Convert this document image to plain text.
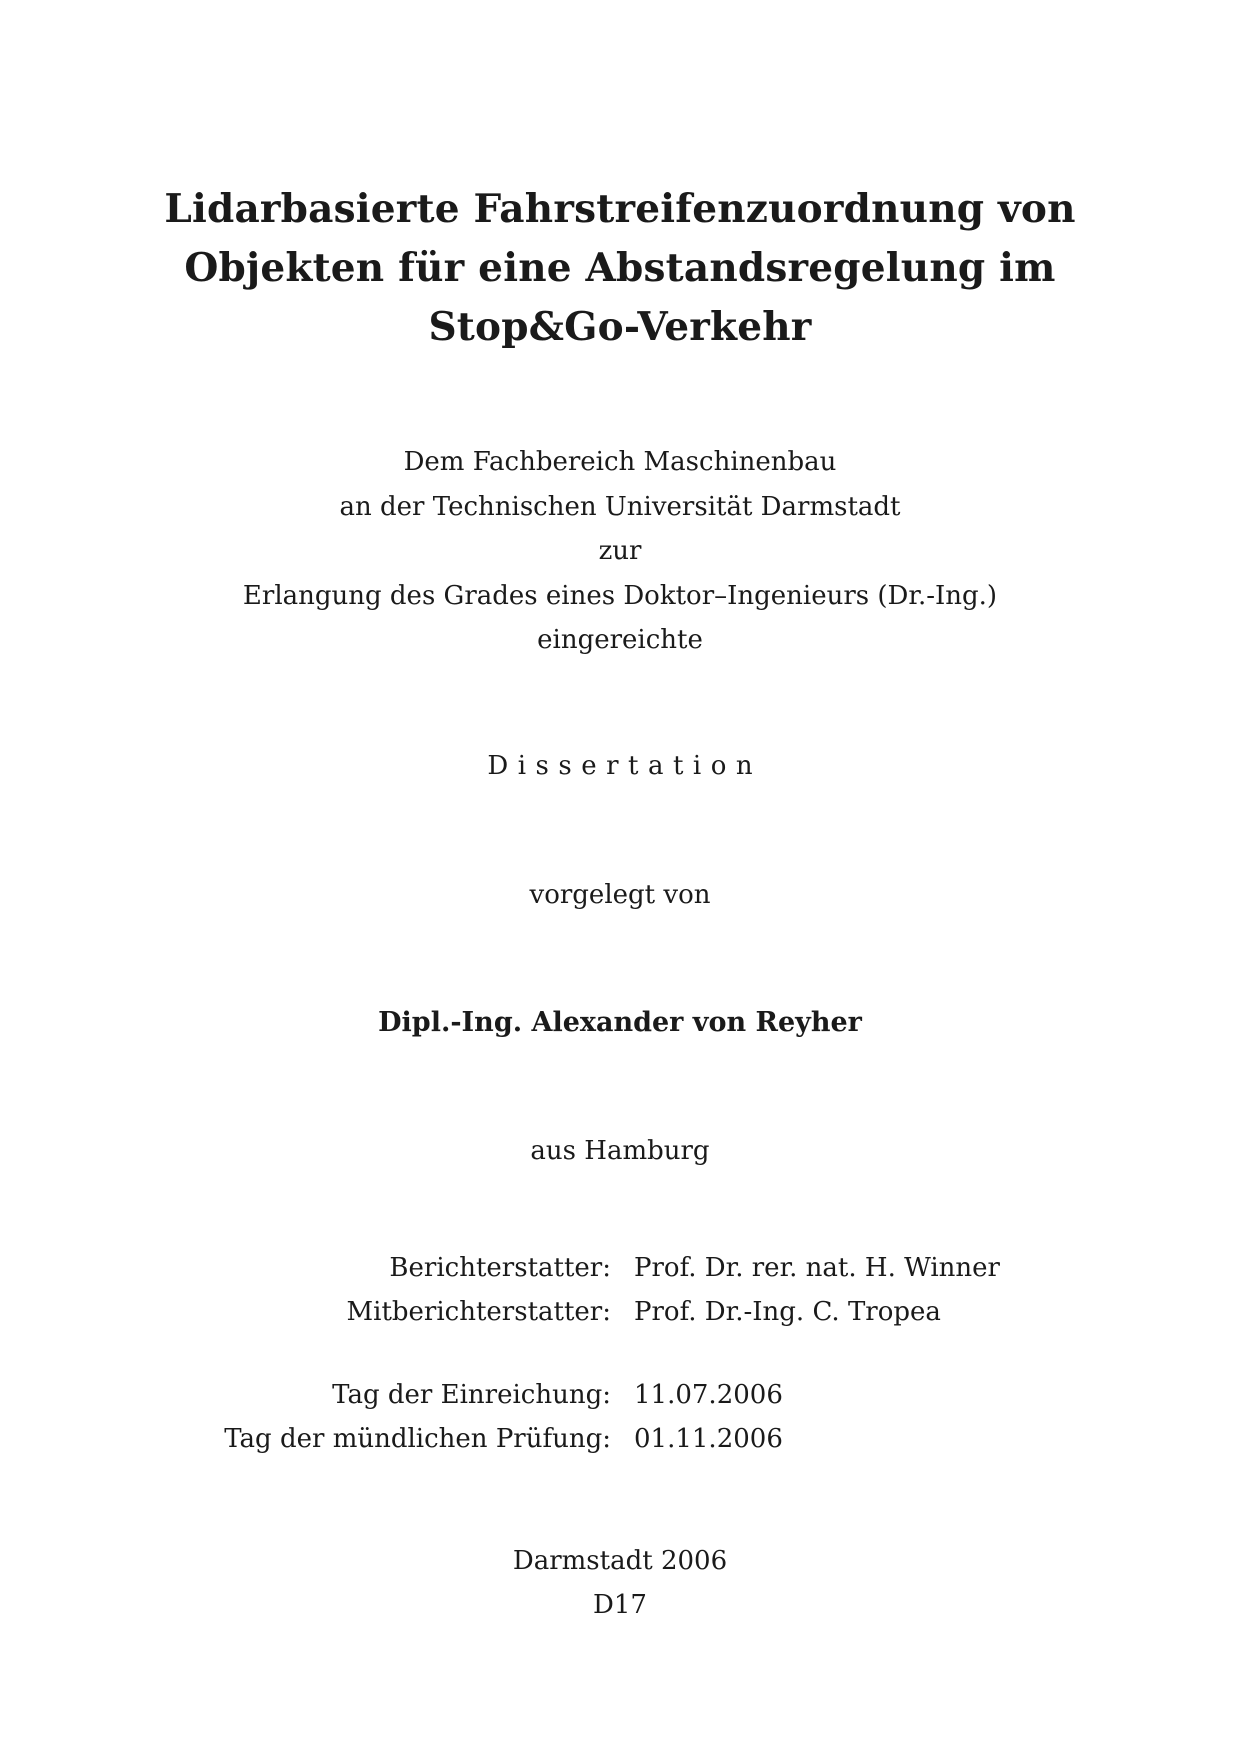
Lidarbasierte Fahrstreifenzuordnung von
Objekten für eine Abstandsregelung im
Stop&Go-Verkehr
Dem Fachbereich Maschinenbau
an der Technischen Universität Darmstadt
zur
Erlangung des Grades eines Doktor–Ingenieurs (Dr.-Ing.)
eingereichte
Dissertation
vorgelegt von
Dipl.-Ing. Alexander von Reyher
aus Hamburg
Berichterstatter: Prof. Dr. rer. nat. H. Winner
Mitberichterstatter: Prof. Dr.-Ing. C. Tropea
Tag der Einreichung: 11.07.2006
Tag der mündlichen Prüfung: 01.11.2006
Darmstadt 2006
D17
